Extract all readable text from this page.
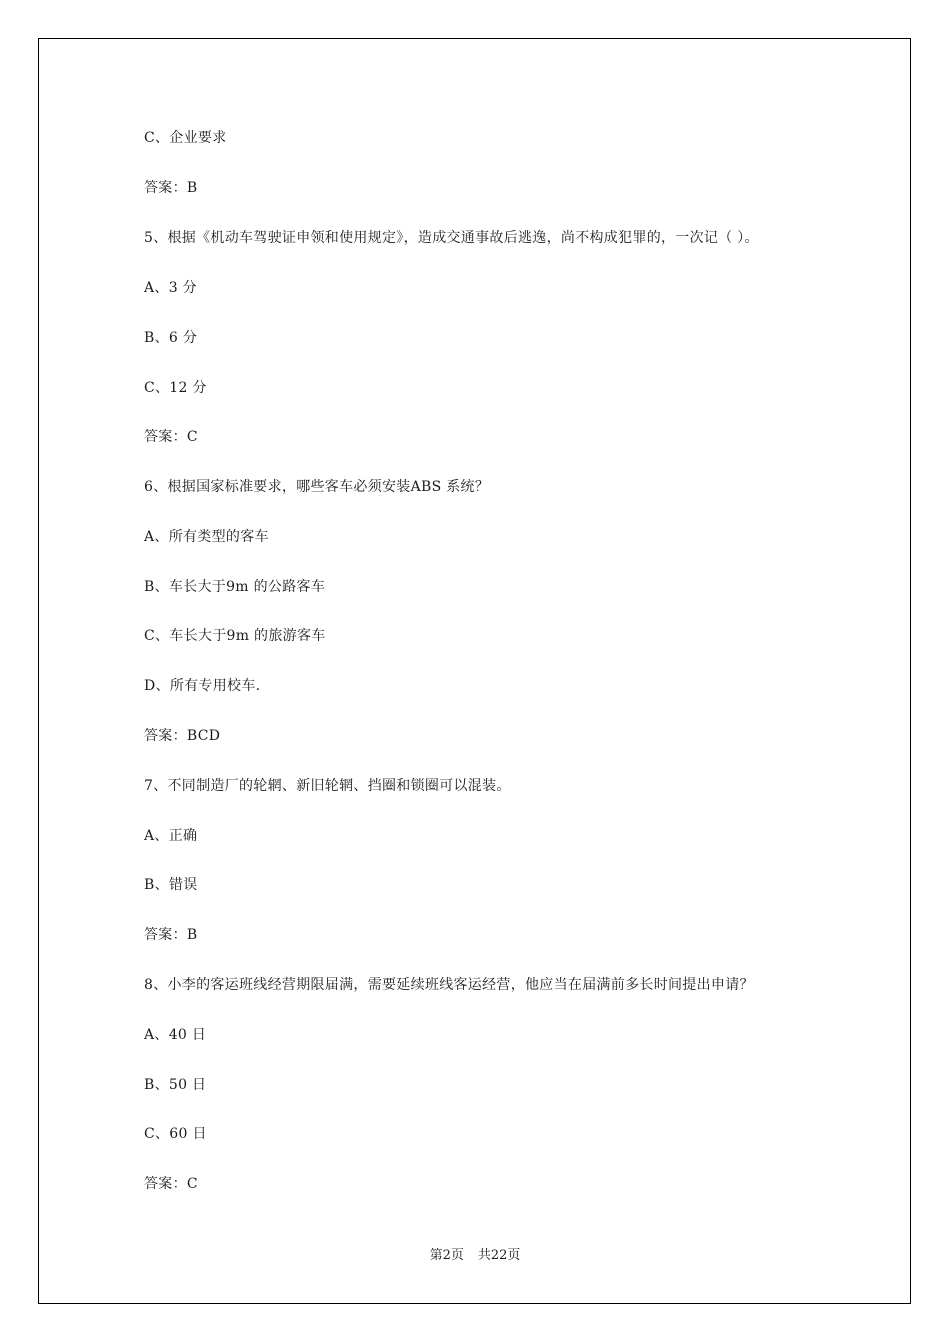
C、企业要求
答案：B
5、根据《机动车驾驶证申领和使用规定》，造成交通事故后逃逸，尚不构成犯罪的，一次记（ ）。
A、3 分
B、6 分
C、12 分
答案：C
6、根据国家标准要求，哪些客车必须安装ABS 系统？
A、所有类型的客车
B、车长大于9m 的公路客车
C、车长大于9m 的旅游客车
D、所有专用校车.
答案：BCD
7、不同制造厂的轮辋、新旧轮辋、挡圈和锁圈可以混装。
A、正确
B、错误
答案：B
8、小李的客运班线经营期限届满，需要延续班线客运经营，他应当在届满前多长时间提出申请？
A、40 日
B、50 日
C、60 日
答案：C
第2页 共22页
